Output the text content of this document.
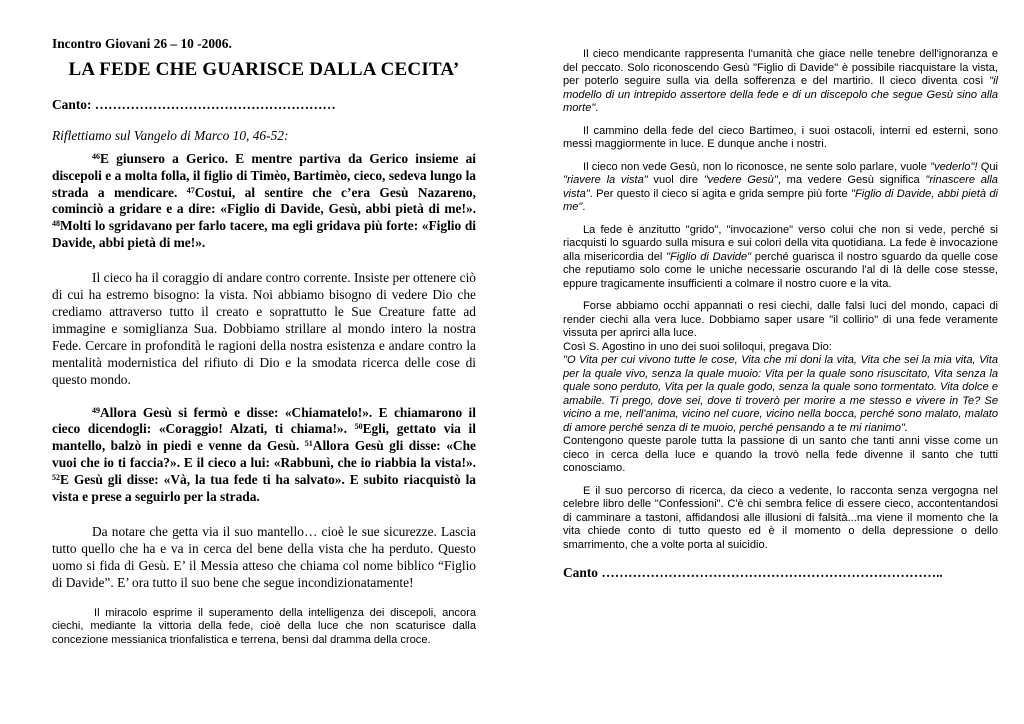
Incontro Giovani 26 – 10 -2006.

LA FEDE CHE GUARISCE DALLA CECITA’

Canto: ………………………………………………

Riflettiamo sul Vangelo di Marco 10, 46-52:

$^{46}$E giunsero a Gerico. E mentre partiva da Gerico insieme ai discepoli e a molta folla, il figlio di Timèo, Bartimèo, cieco, sedeva lungo la strada a mendicare. $^{47}$Costui, al sentire che c’era Gesù Nazareno, cominciò a gridare e a dire: «Figlio di Davide, Gesù, abbi pietà di me!». $^{48}$Molti lo sgridavano per farlo tacere, ma egli gridava più forte: «Figlio di Davide, abbi pietà di me!».

Il cieco ha il coraggio di andare contro corrente. Insiste per ottenere ciò di cui ha estremo bisogno: la vista. Noi abbiamo bisogno di vedere Dio che crediamo attraverso tutto il creato e soprattutto le Sue Creature fatte ad immagine e somiglianza Sua. Dobbiamo strillare al mondo intero la nostra Fede. Cercare in profondità le ragioni della nostra esistenza e andare contro la mentalità modernistica del rifiuto di Dio e la smodata ricerca delle cose di questo mondo.

$^{49}$Allora Gesù si fermò e disse: «Chiamatelo!». E chiamarono il cieco dicendogli: «Coraggio! Alzati, ti chiama!». $^{50}$Egli, gettato via il mantello, balzò in piedi e venne da Gesù. $^{51}$Allora Gesù gli disse: «Che vuoi che io ti faccia?». E il cieco a lui: «Rabbunì, che io riabbia la vista!». $^{52}$E Gesù gli disse: «Và, la tua fede ti ha salvato». E subito riacquistò la vista e prese a seguirlo per la strada.

Da notare che getta via il suo mantello… cioè le sue sicurezze. Lascia tutto quello che ha e va in cerca del bene della vista che ha perduto. Questo uomo si fida di Gesù. E’ il Messia atteso che chiama col nome biblico “Figlio di Davide”. E’ ora tutto il suo bene che segue incondizionatamente!

Il miracolo esprime il superamento della intelligenza dei discepoli, ancora ciechi, mediante la vittoria della fede, cioè della luce che non scaturisce dalla concezione messianica trionfalistica e terrena, bensì dal dramma della croce.

Il cieco mendicante rappresenta l'umanità che giace nelle tenebre dell'ignoranza e del peccato. Solo riconoscendo Gesù "Figlio di Davide" è possibile riacquistare la vista, per poterlo seguire sulla via della sofferenza e del martirio. Il cieco diventa così "il modello di un intrepido assertore della fede e di un discepolo che segue Gesù sino alla morte".

Il cammino della fede del cieco Bartimeo, i suoi ostacoli, interni ed esterni, sono messi maggiormente in luce. E dunque anche i nostri.

Il cieco non vede Gesù, non lo riconosce, ne sente solo parlare, vuole "vederlo"! Qui "riavere la vista" vuol dire "vedere Gesù", ma vedere Gesù significa "rinascere alla vista". Per questo il cieco si agita e grida sempre più forte "Figlio di Davide, abbi pietà di me".

La fede è anzitutto "grido", "invocazione" verso colui che non si vede, perché si riacquisti lo sguardo sulla misura e sui colori della vita quotidiana. La fede è invocazione alla misericordia del "Figlio di Davide" perché guarisca il nostro sguardo da quelle cose che reputiamo solo come le uniche necessarie oscurando l'al di là delle cose stesse, eppure tragicamente insufficienti a colmare il nostro cuore e la vita.

Forse abbiamo occhi appannati o resi ciechi, dalle falsi luci del mondo, capaci di render ciechi alla vera luce. Dobbiamo saper usare "il collirio" di una fede veramente vissuta per aprirci alla luce.

Così S. Agostino in uno dei suoi soliloqui, pregava Dio:

"O Vita per cui vivono tutte le cose, Vita che mi doni la vita, Vita che sei la mia vita, Vita per la quale vivo, senza la quale muoio: Vita per la quale sono risuscitato, Vita senza la quale sono perduto, Vita per la quale godo, senza la quale sono tormentato. Vita dolce e amabile. Ti prego, dove sei, dove ti troverò per morire a me stesso e vivere in Te? Se vicino a me, nell'anima, vicino nel cuore, vicino nella bocca, perché sono malato, malato di amore perché senza di te muoio, perché pensando a te mi rianimo".

Contengono queste parole tutta la passione di un santo che tanti anni visse come un cieco in cerca della luce e quando la trovò nella fede divenne il santo che tutti conosciamo.

E il suo percorso di ricerca, da cieco a vedente, lo racconta senza vergogna nel celebre libro delle "Confessioni". C'è chi sembra felice di essere cieco, accontentandosi di camminare a tastoni, affidandosi alle illusioni di falsità...ma viene il momento che la vita chiede conto di tutto questo ed è il momento o della depressione o dello smarrimento, che a volte porta al suicidio.

Canto …………………………………………………………………..
